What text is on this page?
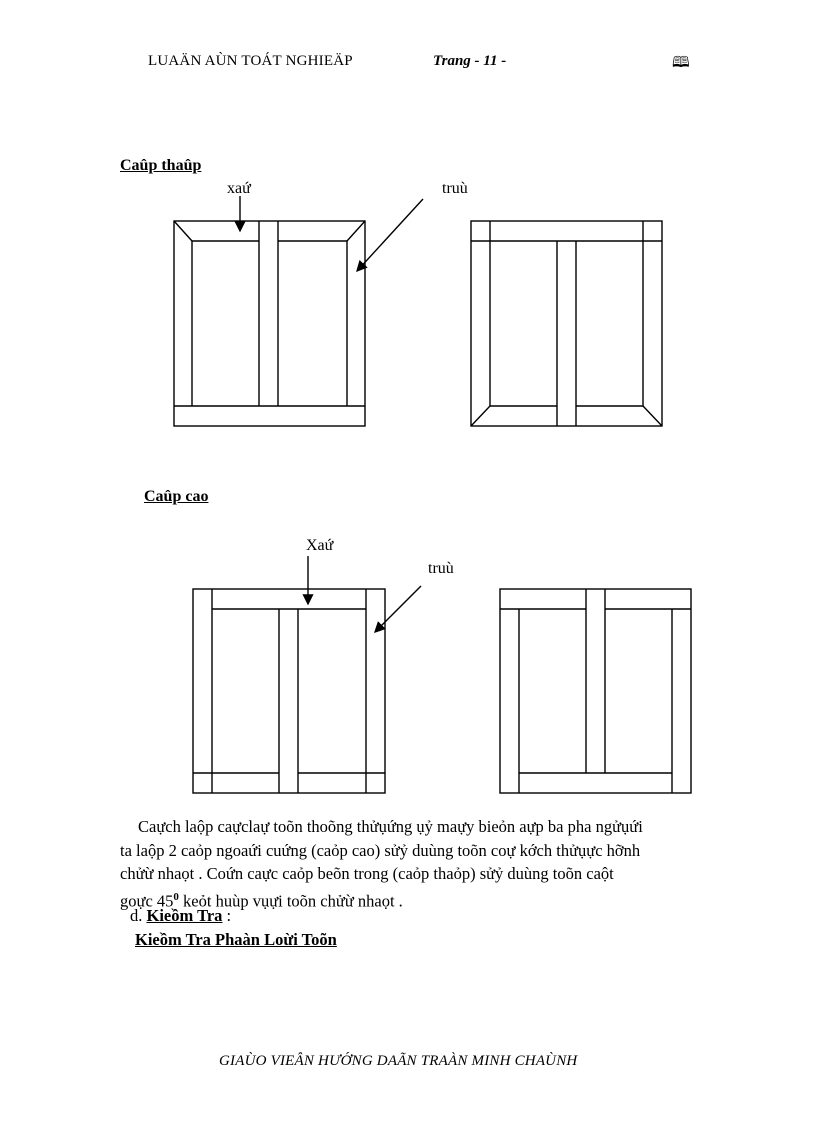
LUAÄN AÙN TOÁT NGHIEÄP	Trang - 11 -	🕮
Caûp thaûp
xaứ	truù
Caûp cao
Xaứ
truù
Caựch laộp caựclaự toõn thoõng thửụứng ụỷ maựy bieỏn aựp ba pha ngửụứi
ta laộp 2 caỏp ngoaứi cuứng (caỏp cao) sửỷ duùng toõn coự kớch thửụực hỡnh
chửừ nhaọt . Coứn caực caỏp beõn trong (caỏp thaỏp) sửỷ duùng toõn caột
goực $45^0$ keỏt huùp vụựi toõn chửừ nhaọt .
d. Kieồm Tra :
Kieồm Tra Phaàn Loừi Toõn
GIAÙO VIEÂN HƯỚNG DAÃN TRAÀN MINH CHAÙNH
